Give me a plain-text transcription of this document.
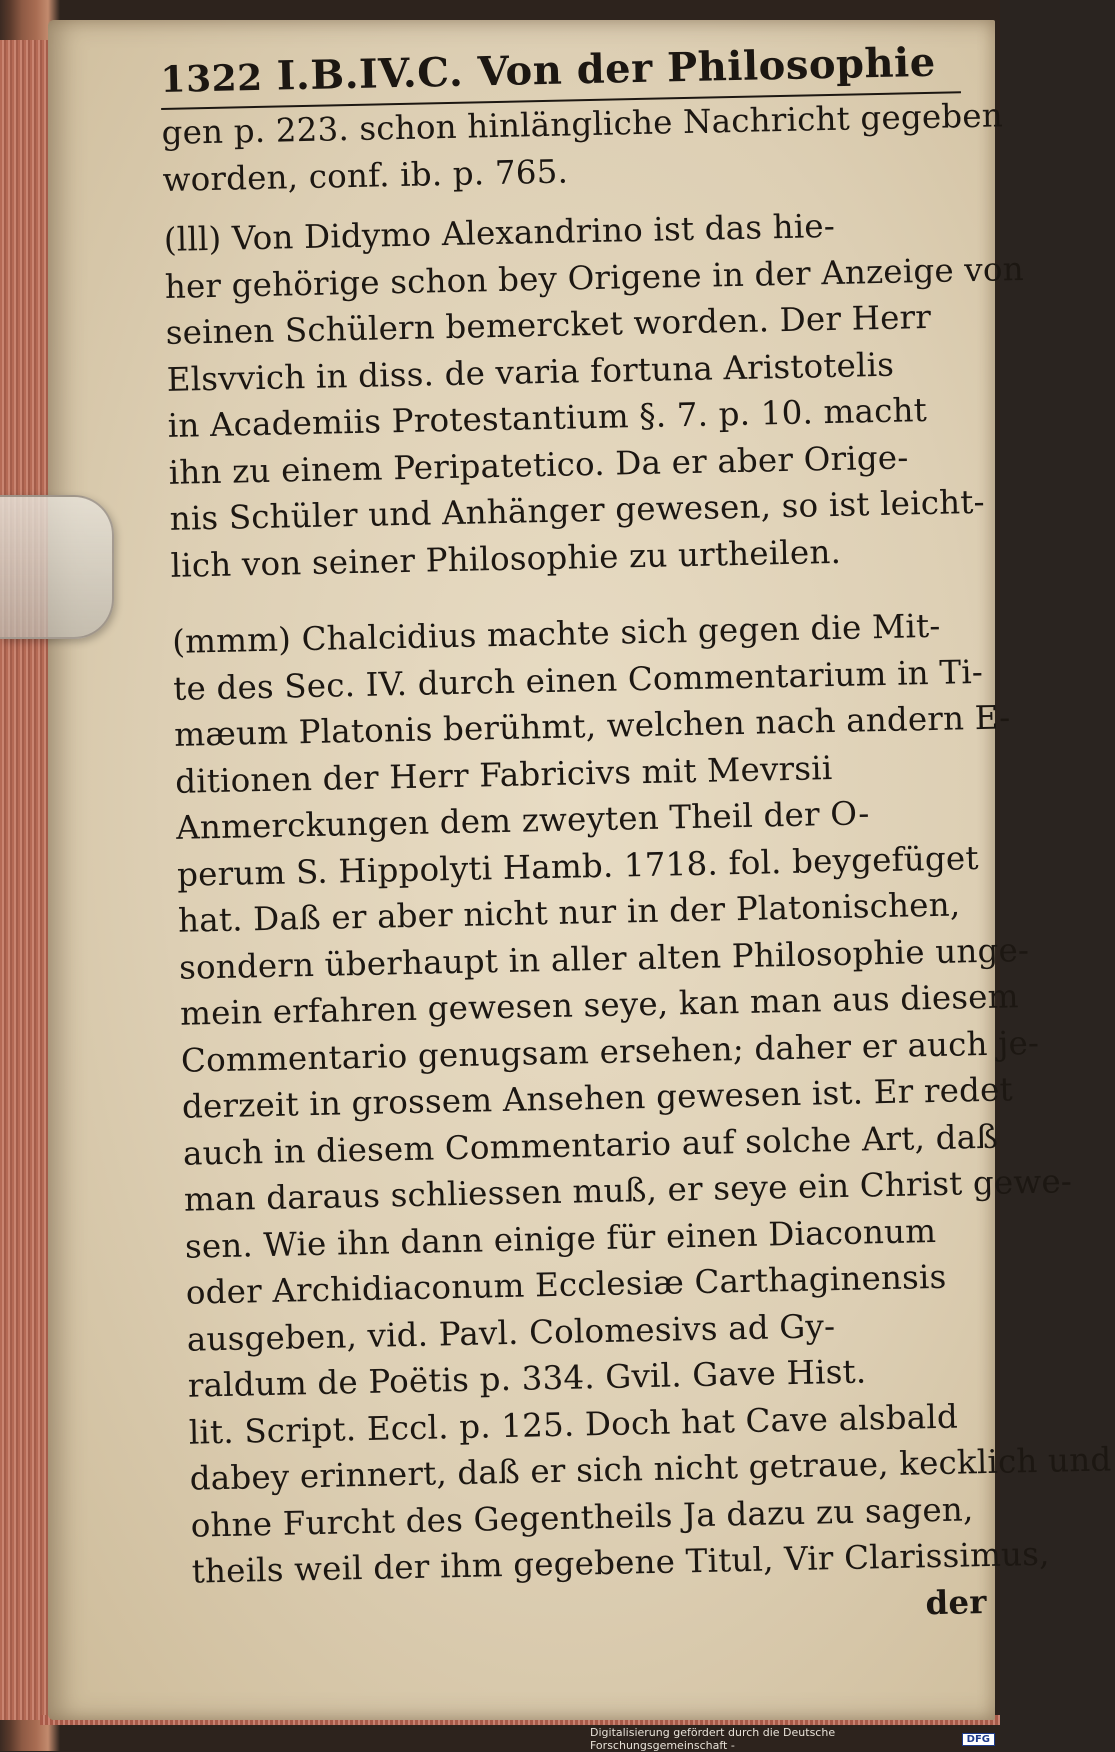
1322 I.B.IV.C. Von der Philosophie

gen p. 223. schon hinlängliche Nachricht gegeben

worden, conf. ib. p. 765.

(lll) Von Didymo Alexandrino ist das hie-

her gehörige schon bey Origene in der Anzeige von

seinen Schülern bemercket worden. Der Herr

Elsvvich in diss. de varia fortuna Aristotelis

in Academiis Protestantium §. 7. p. 10. macht

ihn zu einem Peripatetico. Da er aber Orige-

nis Schüler und Anhänger gewesen, so ist leicht-

lich von seiner Philosophie zu urtheilen.

(mmm) Chalcidius machte sich gegen die Mit-

te des Sec. IV. durch einen Commentarium in Ti-

mæum Platonis berühmt, welchen nach andern E-

ditionen der Herr Fabricivs mit Mevrsii

Anmerckungen dem zweyten Theil der O-

perum S. Hippolyti Hamb. 1718. fol. beygefüget

hat. Daß er aber nicht nur in der Platonischen,

sondern überhaupt in aller alten Philosophie unge-

mein erfahren gewesen seye, kan man aus diesem

Commentario genugsam ersehen; daher er auch je-

derzeit in grossem Ansehen gewesen ist. Er redet

auch in diesem Commentario auf solche Art, daß

man daraus schliessen muß, er seye ein Christ gewe-

sen. Wie ihn dann einige für einen Diaconum

oder Archidiaconum Ecclesiæ Carthaginensis

ausgeben, vid. Pavl. Colomesivs ad Gy-

raldum de Poëtis p. 334. Gvil. Gave Hist.

lit. Script. Eccl. p. 125. Doch hat Cave alsbald

dabey erinnert, daß er sich nicht getraue, kecklich und

ohne Furcht des Gegentheils Ja dazu zu sagen,

theils weil der ihm gegebene Titul, Vir Clarissimus,

der

Digitalisierung gefördert durch die Deutsche Forschungsgemeinschaft -	DFG
